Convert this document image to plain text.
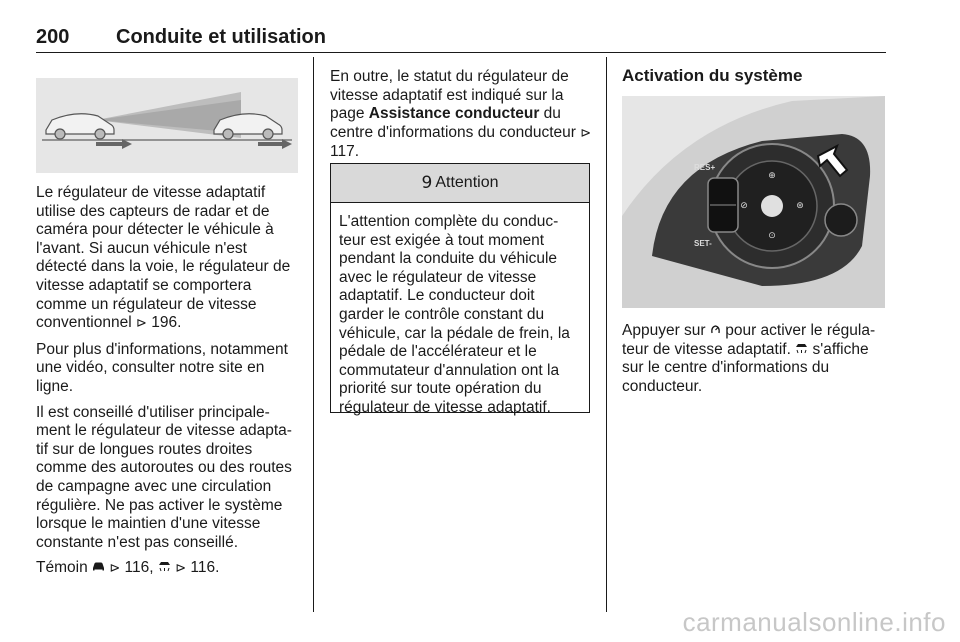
200 Conduite et utilisation

Le régulateur de vitesse adaptatif utilise des capteurs de radar et de caméra pour détecter le véhicule à l'avant. Si aucun véhicule n'est détecté dans la voie, le régulateur de vitesse adaptatif se comportera comme un régulateur de vitesse conventionnel ⊳ 196.

Pour plus d'informations, notamment une vidéo, consulter notre site en ligne.

Il est conseillé d'utiliser principale-ment le régulateur de vitesse adapta-tif sur de longues routes droites comme des autoroutes ou des routes de campagne avec une circulation régulière. Ne pas activer le système lorsque le maintien d'une vitesse constante n'est pas conseillé.

Témoin ⊳ 116, ⊳ 116.

En outre, le statut du régulateur de vitesse adaptatif est indiqué sur la page Assistance conducteur du centre d'informations du conducteur ⊳ 117.

9 Attention
L'attention complète du conduc-teur est exigée à tout moment pendant la conduite du véhicule avec le régulateur de vitesse adaptatif. Le conducteur doit garder le contrôle constant du véhicule, car la pédale de frein, la pédale de l'accélérateur et le commutateur d'annulation ont la priorité sur toute opération du régulateur de vitesse adaptatif.
Activation du système
RES+
SET-
⊕
⊘	⊛
⊙

Appuyer sur pour activer le régula-teur de vitesse adaptatif. s'affiche sur le centre d'informations du conducteur.

carmanualsonline.info
